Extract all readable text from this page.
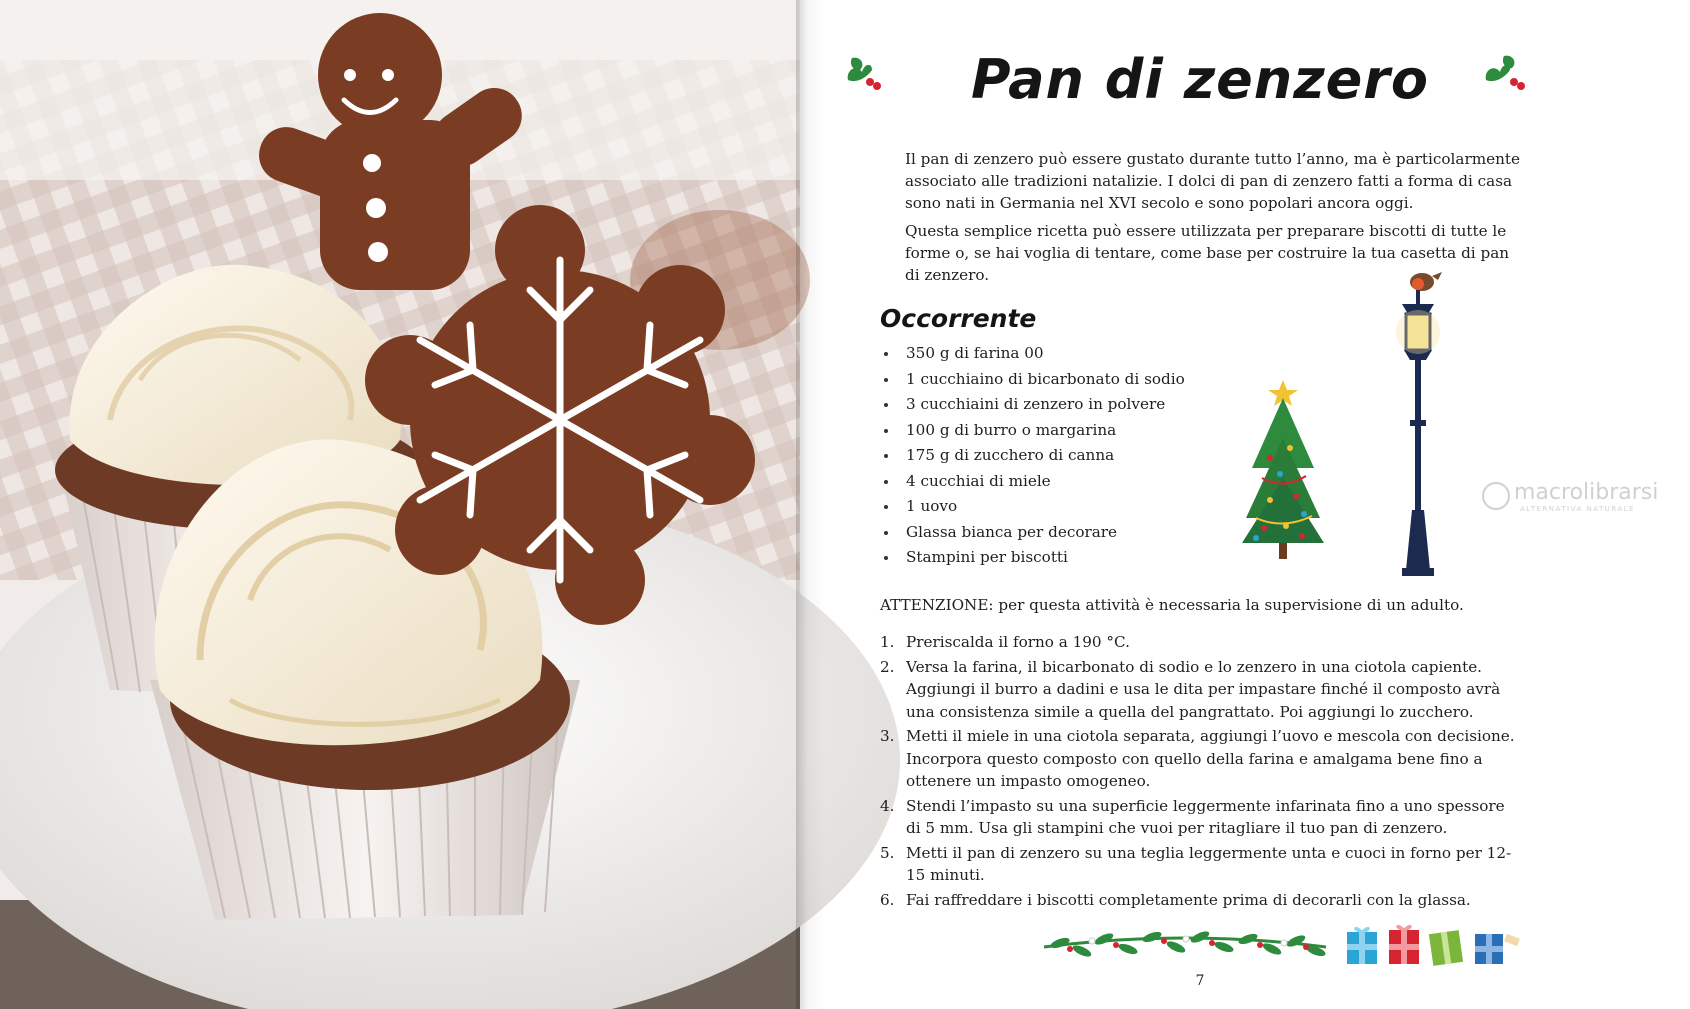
Pan di zenzero

Il pan di zenzero può essere gustato durante tutto l’anno, ma è particolarmente associato alle tradizioni natalizie. I dolci di pan di zenzero fatti a forma di casa sono nati in Germania nel XVI secolo e sono popolari ancora oggi.

Questa semplice ricetta può essere utilizzata per preparare biscotti di tutte le forme o, se hai voglia di tentare, come base per costruire la tua casetta di pan di zenzero.

Occorrente
350 g di farina 00
1 cucchiaino di bicarbonato di sodio
3 cucchiaini di zenzero in polvere
100 g di burro o margarina
175 g di zucchero di canna
4 cucchiai di miele
1 uovo
Glassa bianca per decorare
Stampini per biscotti
macrolibrarsi
ALTERNATIVA NATURALE
ATTENZIONE: per questa attività è necessaria la supervisione di un adulto.
1. Preriscalda il forno a 190 °C.
2. Versa la farina, il bicarbonato di sodio e lo zenzero in una ciotola capiente. Aggiungi il burro a dadini e usa le dita per impastare finché il composto avrà una consistenza simile a quella del pangrattato. Poi aggiungi lo zucchero.
3. Metti il miele in una ciotola separata, aggiungi l’uovo e mescola con decisione. Incorpora questo composto con quello della farina e amalgama bene fino a ottenere un impasto omogeneo.
4. Stendi l’impasto su una superficie leggermente infarinata fino a uno spessore di 5 mm. Usa gli stampini che vuoi per ritagliare il tuo pan di zenzero.
5. Metti il pan di zenzero su una teglia leggermente unta e cuoci in forno per 12-15 minuti.
6. Fai raffreddare i biscotti completamente prima di decorarli con la glassa.
7
